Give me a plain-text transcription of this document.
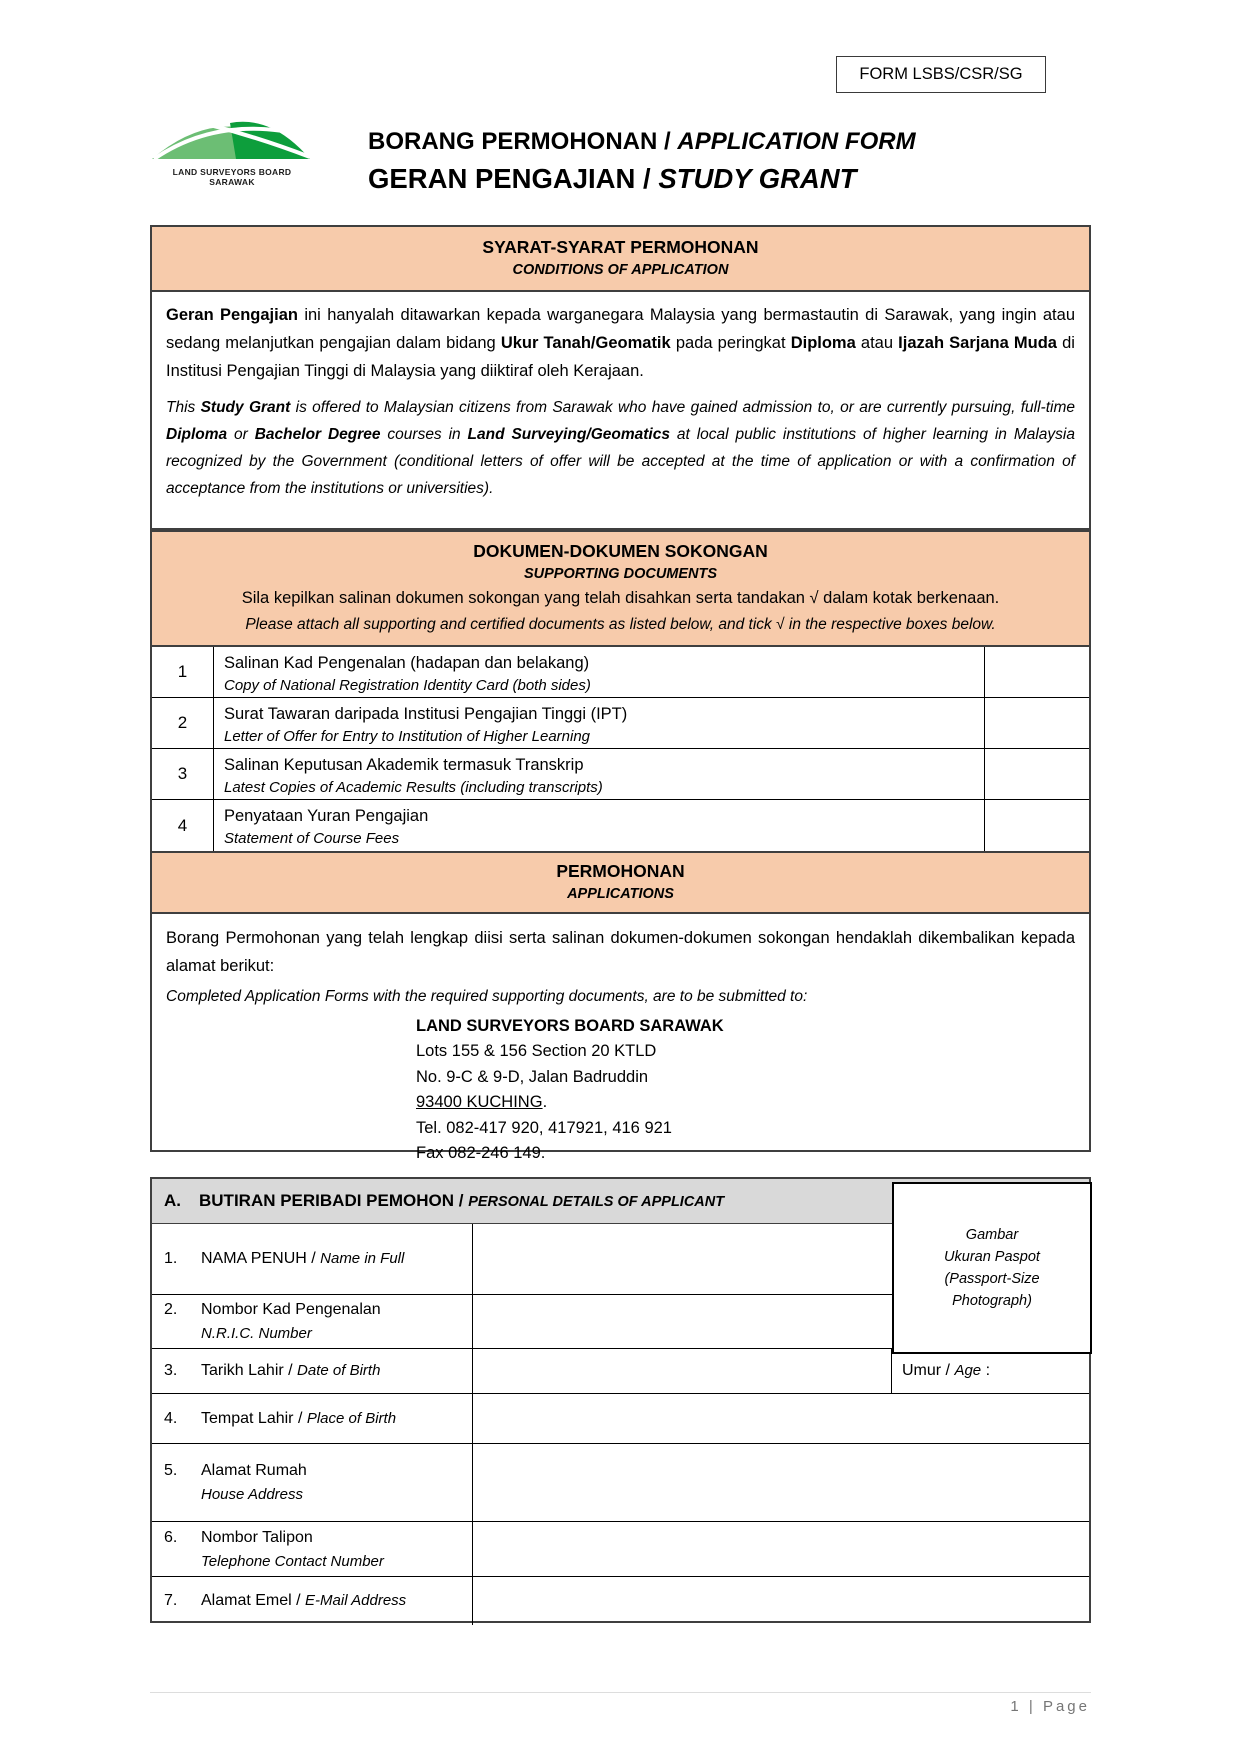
FORM LSBS/CSR/SG
LAND SURVEYORS BOARD SARAWAK
BORANG PERMOHONAN / APPLICATION FORM
GERAN PENGAJIAN / STUDY GRANT
SYARAT-SYARAT PERMOHONAN
CONDITIONS OF APPLICATION

Geran Pengajian ini hanyalah ditawarkan kepada warganegara Malaysia yang bermastautin di Sarawak, yang ingin atau sedang melanjutkan pengajian dalam bidang Ukur Tanah/Geomatik pada peringkat Diploma atau Ijazah Sarjana Muda di Institusi Pengajian Tinggi di Malaysia yang diiktiraf oleh Kerajaan.

This Study Grant is offered to Malaysian citizens from Sarawak who have gained admission to, or are currently pursuing, full-time Diploma or Bachelor Degree courses in Land Surveying/Geomatics at local public institutions of higher learning in Malaysia recognized by the Government (conditional letters of offer will be accepted at the time of application or with a confirmation of acceptance from the institutions or universities).

DOKUMEN-DOKUMEN SOKONGAN
SUPPORTING DOCUMENTS
Sila kepilkan salinan dokumen sokongan yang telah disahkan serta tandakan √ dalam kotak berkenaan.
Please attach all supporting and certified documents as listed below, and tick √ in the respective boxes below.
1	Salinan Kad Pengenalan (hadapan dan belakang)
Copy of National Registration Identity Card (both sides)
2	Surat Tawaran daripada Institusi Pengajian Tinggi (IPT)
Letter of Offer for Entry to Institution of Higher Learning
3	Salinan Keputusan Akademik termasuk Transkrip
Latest Copies of Academic Results (including transcripts)
4	Penyataan Yuran Pengajian
Statement of Course Fees
PERMOHONAN
APPLICATIONS

Borang Permohonan yang telah lengkap diisi serta salinan dokumen-dokumen sokongan hendaklah dikembalikan kepada alamat berikut:

Completed Application Forms with the required supporting documents, are to be submitted to:

LAND SURVEYORS BOARD SARAWAK
Lots 155 & 156 Section 20 KTLD
No. 9-C & 9-D, Jalan Badruddin
93400 KUCHING.
Tel. 082-417 920, 417921, 416 921
Fax 082-246 149.
A.	BUTIRAN PERIBADI PEMOHON / PERSONAL DETAILS OF APPLICANT
1. NAMA PENUH / Name in Full
2. Nombor Kad Pengenalan
N.R.I.C. Number
3. Tarikh Lahir / Date of Birth	Umur / Age :
4. Tempat Lahir / Place of Birth
5. Alamat Rumah
House Address
6. Nombor Talipon
Telephone Contact Number
7. Alamat Emel / E-Mail Address
Gambar
Ukuran Paspot
(Passport-Size
Photograph)
1 | Page
